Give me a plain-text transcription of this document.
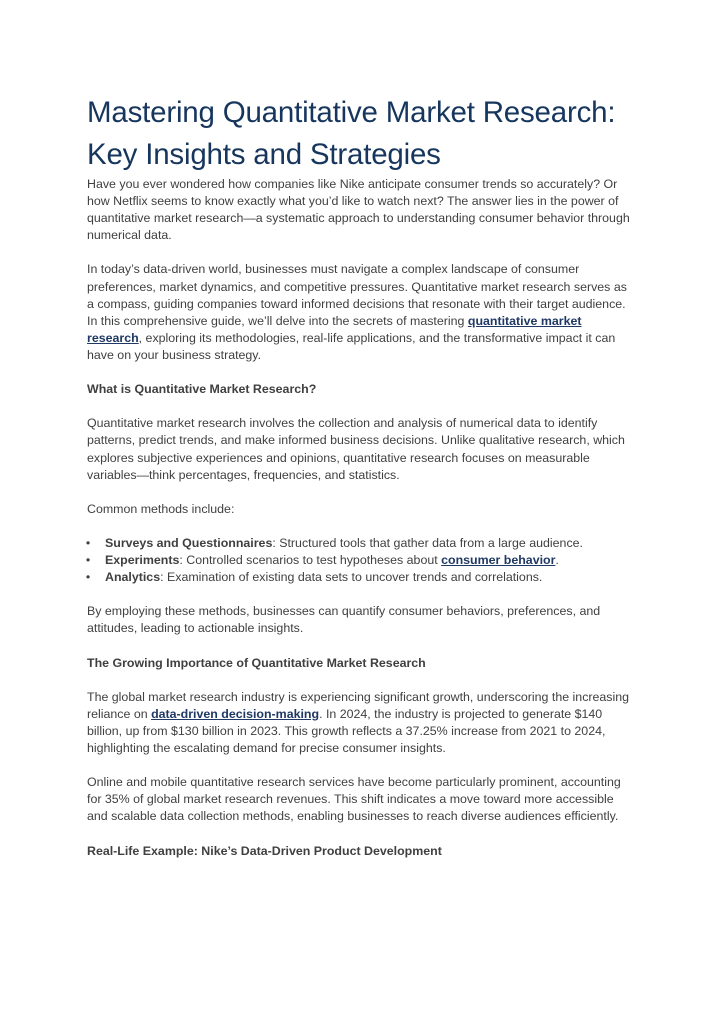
Mastering Quantitative Market Research: Key Insights and Strategies

Have you ever wondered how companies like Nike anticipate consumer trends so accurately? Or how Netflix seems to know exactly what you’d like to watch next? The answer lies in the power of quantitative market research—a systematic approach to understanding consumer behavior through numerical data.

In today’s data-driven world, businesses must navigate a complex landscape of consumer preferences, market dynamics, and competitive pressures. Quantitative market research serves as a compass, guiding companies toward informed decisions that resonate with their target audience. In this comprehensive guide, we’ll delve into the secrets of mastering quantitative market research, exploring its methodologies, real-life applications, and the transformative impact it can have on your business strategy.

What is Quantitative Market Research?

Quantitative market research involves the collection and analysis of numerical data to identify patterns, predict trends, and make informed business decisions. Unlike qualitative research, which explores subjective experiences and opinions, quantitative research focuses on measurable variables—think percentages, frequencies, and statistics.

Common methods include:

• Surveys and Questionnaires: Structured tools that gather data from a large audience.
• Experiments: Controlled scenarios to test hypotheses about consumer behavior.
• Analytics: Examination of existing data sets to uncover trends and correlations.

By employing these methods, businesses can quantify consumer behaviors, preferences, and attitudes, leading to actionable insights.

The Growing Importance of Quantitative Market Research

The global market research industry is experiencing significant growth, underscoring the increasing reliance on data-driven decision-making. In 2024, the industry is projected to generate $140 billion, up from $130 billion in 2023. This growth reflects a 37.25% increase from 2021 to 2024, highlighting the escalating demand for precise consumer insights.

Online and mobile quantitative research services have become particularly prominent, accounting for 35% of global market research revenues. This shift indicates a move toward more accessible and scalable data collection methods, enabling businesses to reach diverse audiences efficiently.

Real-Life Example: Nike’s Data-Driven Product Development
